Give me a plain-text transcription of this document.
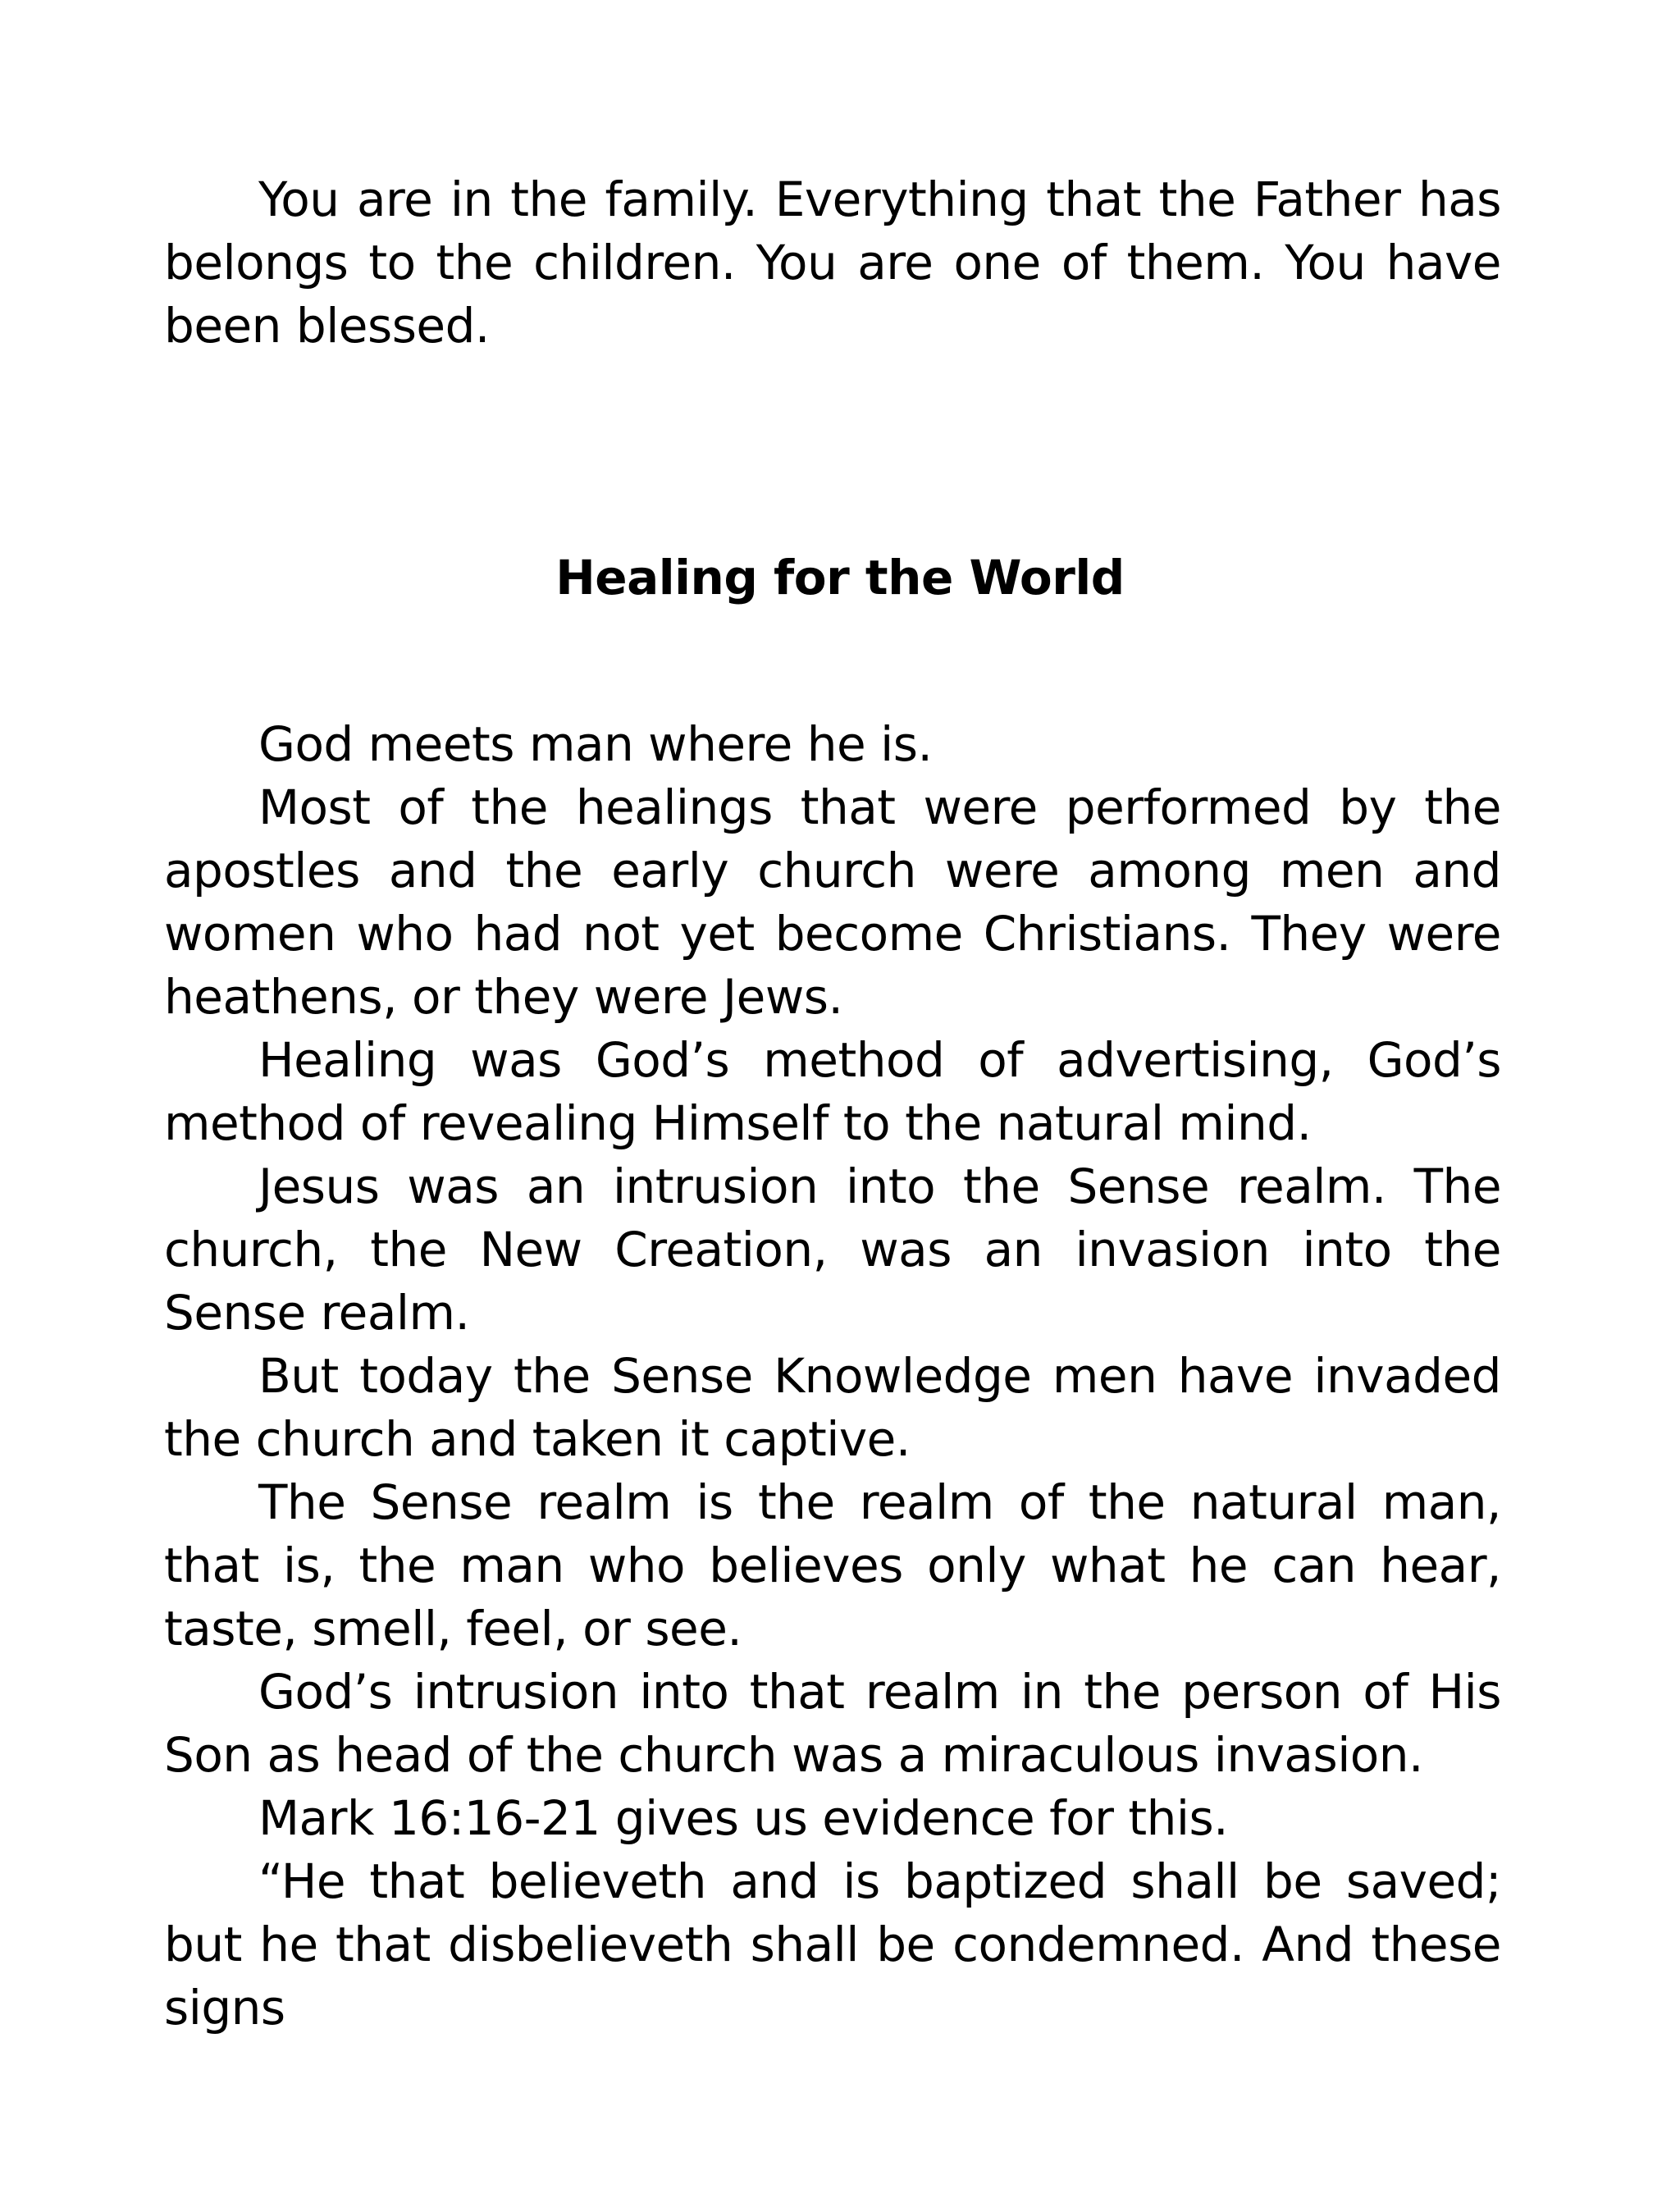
You are in the family. Everything that the Father has belongs to the children. You are one of them. You have been blessed.

Healing for the World

God meets man where he is.

Most of the healings that were performed by the apostles and the early church were among men and women who had not yet become Christians. They were heathens, or they were Jews.

Healing was God’s method of advertising, God’s method of revealing Himself to the natural mind.

Jesus was an intrusion into the Sense realm. The church, the New Creation, was an invasion into the Sense realm.

But today the Sense Knowledge men have invaded the church and taken it captive.

The Sense realm is the realm of the natural man, that is, the man who believes only what he can hear, taste, smell, feel, or see.

God’s intrusion into that realm in the person of His Son as head of the church was a miraculous invasion.

Mark 16:16-21 gives us evidence for this.

“He that believeth and is baptized shall be saved; but he that disbelieveth shall be condemned. And these signs
